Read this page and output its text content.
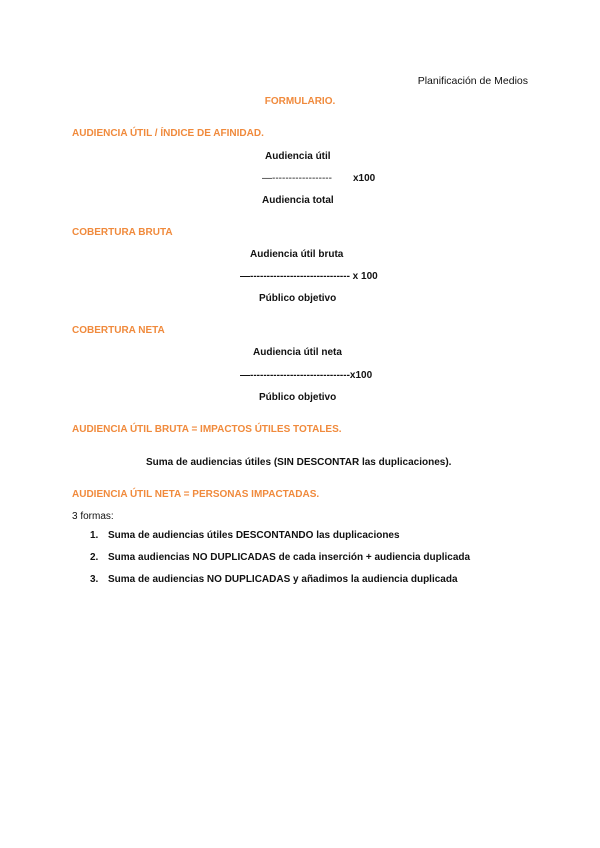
Planificación de Medios
FORMULARIO.
AUDIENCIA ÚTIL / ÍNDICE DE AFINIDAD.
Audiencia útil
—------------------ x100
Audiencia total
COBERTURA BRUTA
Audiencia útil bruta
—------------------------------ x 100
Público objetivo
COBERTURA NETA
Audiencia útil neta
—------------------------------x100
Público objetivo
AUDIENCIA ÚTIL BRUTA = IMPACTOS ÚTILES TOTALES.
Suma de audiencias útiles (SIN DESCONTAR las duplicaciones).
AUDIENCIA ÚTIL NETA = PERSONAS IMPACTADAS.
3 formas:
1. Suma de audiencias útiles DESCONTANDO las duplicaciones
2. Suma audiencias NO DUPLICADAS de cada inserción + audiencia duplicada
3. Suma de audiencias NO DUPLICADAS y añadimos la audiencia duplicada
